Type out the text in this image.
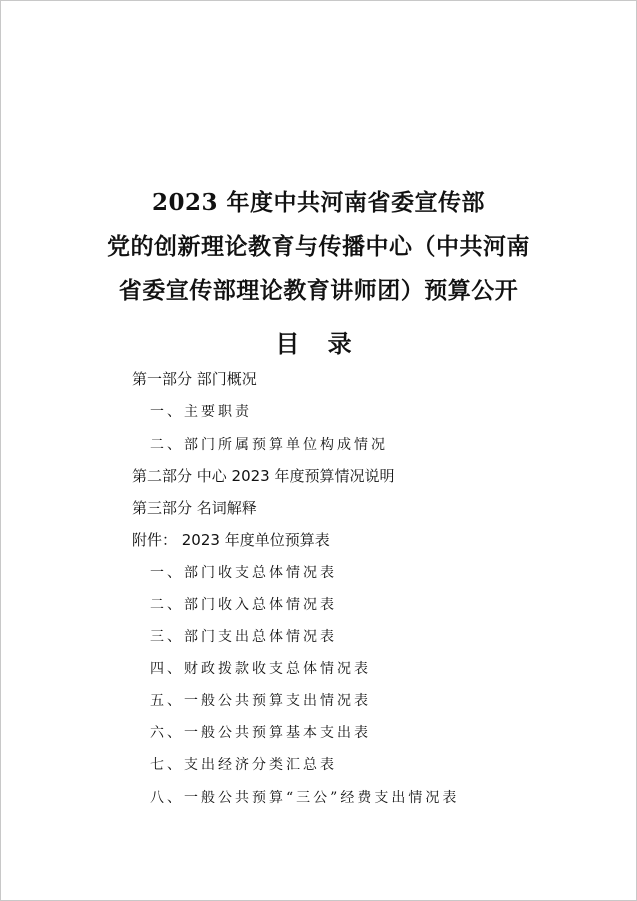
2023 年度中共河南省委宣传部
党的创新理论教育与传播中心（中共河南
省委宣传部理论教育讲师团）预算公开
目 录
第一部分 部门概况
一、主要职责
二、部门所属预算单位构成情况
第二部分 中心 2023 年度预算情况说明
第三部分 名词解释
附件： 2023 年度单位预算表
一、部门收支总体情况表
二、部门收入总体情况表
三、部门支出总体情况表
四、财政拨款收支总体情况表
五、一般公共预算支出情况表
六、一般公共预算基本支出表
七、支出经济分类汇总表
八、一般公共预算“三公”经费支出情况表
